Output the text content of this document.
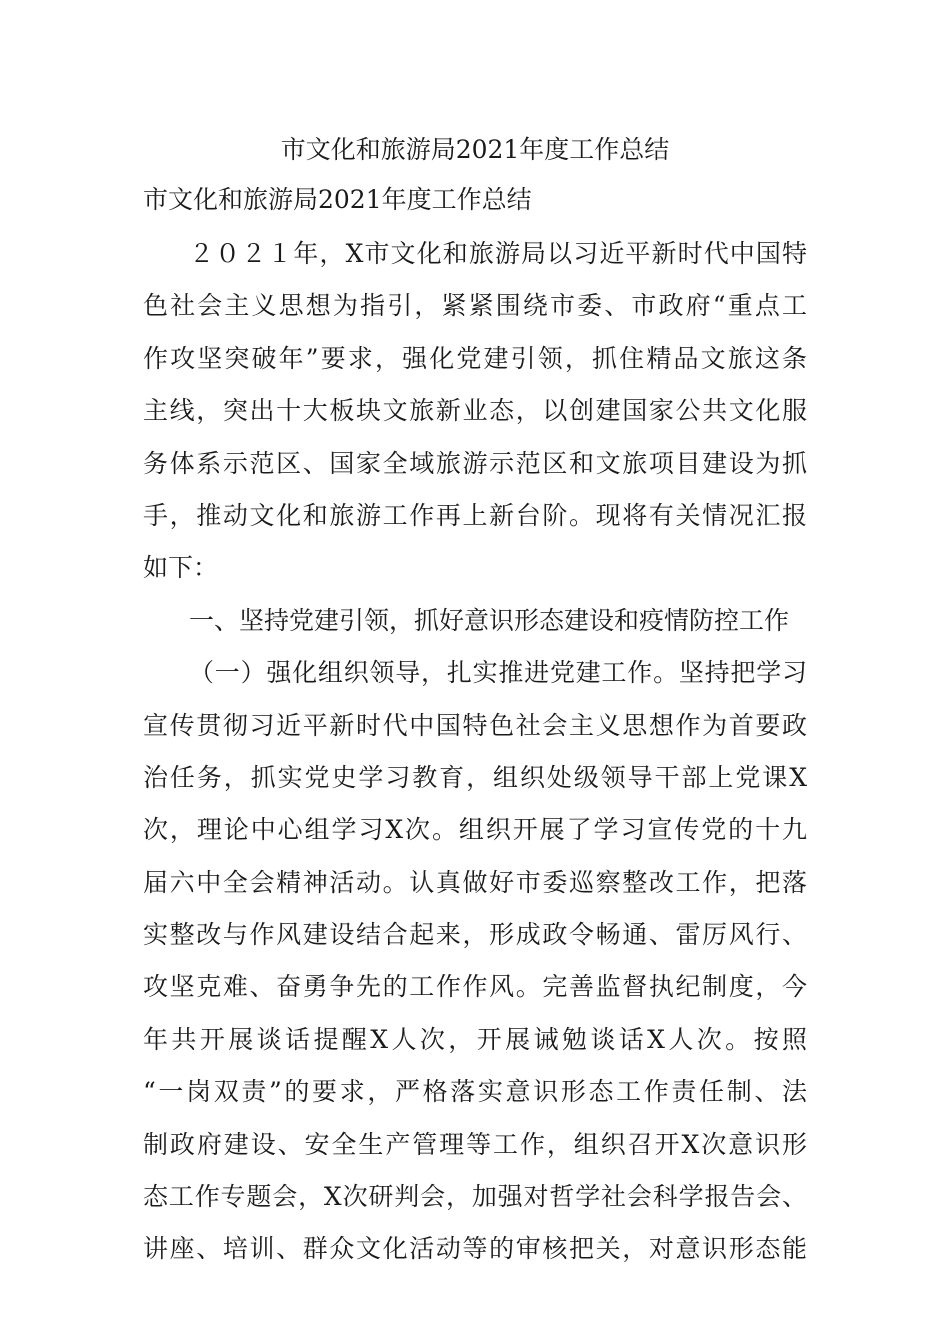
市文化和旅游局2021年度工作总结
市文化和旅游局2021年度工作总结
２０２１年，X市文化和旅游局以习近平新时代中国特
色社会主义思想为指引，紧紧围绕市委、市政府“重点工
作攻坚突破年”要求，强化党建引领，抓住精品文旅这条
主线，突出十大板块文旅新业态，以创建国家公共文化服
务体系示范区、国家全域旅游示范区和文旅项目建设为抓
手，推动文化和旅游工作再上新台阶。现将有关情况汇报
如下：
一、坚持党建引领，抓好意识形态建设和疫情防控工作
（一）强化组织领导，扎实推进党建工作。坚持把学习
宣传贯彻习近平新时代中国特色社会主义思想作为首要政
治任务，抓实党史学习教育，组织处级领导干部上党课X
次，理论中心组学习X次。组织开展了学习宣传党的十九
届六中全会精神活动。认真做好市委巡察整改工作，把落
实整改与作风建设结合起来，形成政令畅通、雷厉风行、
攻坚克难、奋勇争先的工作作风。完善监督执纪制度，今
年共开展谈话提醒X人次，开展诫勉谈话X人次。按照
“一岗双责”的要求，严格落实意识形态工作责任制、法
制政府建设、安全生产管理等工作，组织召开X次意识形
态工作专题会，X次研判会，加强对哲学社会科学报告会、
讲座、培训、群众文化活动等的审核把关，对意识形态能
